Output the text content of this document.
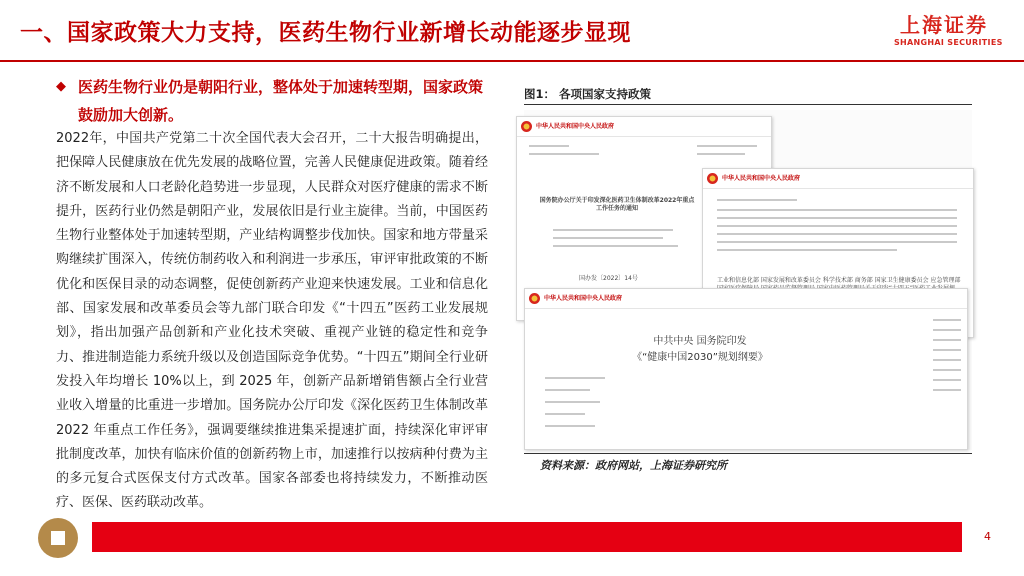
一、国家政策大力支持，医药生物行业新增长动能逐步显现	上海证券
SHANGHAI SECURITIES
◆ 医药生物行业仍是朝阳行业，整体处于加速转型期，国家政策鼓励加大创新。
2022年，中国共产党第二十次全国代表大会召开，二十大报告明确提出，把保障人民健康放在优先发展的战略位置，完善人民健康促进政策。随着经济不断发展和人口老龄化趋势进一步显现，人民群众对医疗健康的需求不断提升，医药行业仍然是朝阳产业，发展依旧是行业主旋律。当前，中国医药生物行业整体处于加速转型期，产业结构调整步伐加快。国家和地方带量采购继续扩围深入，传统仿制药收入和利润进一步承压，审评审批政策的不断优化和医保目录的动态调整，促使创新药产业迎来快速发展。工业和信息化部、国家发展和改革委员会等九部门联合印发《“十四五”医药工业发展规划》，指出加强产品创新和产业化技术突破、重视产业链的稳定性和竞争力、推进制造能力系统升级以及创造国际竞争优势。“十四五”期间全行业研发投入年均增长 10%以上，到 2025 年，创新产品新增销售额占全行业营业收入增量的比重进一步增加。国务院办公厅印发《深化医药卫生体制改革 2022 年重点工作任务》，强调要继续推进集采提速扩面，持续深化审评审批制度改革，加快有临床价值的创新药物上市，加速推行以按病种付费为主的多元复合式医保支付方式改革。国家各部委也将持续发力，不断推动医疗、医保、医药联动改革。
图1： 各项国家支持政策
中华人民共和国中央人民政府
国务院办公厅关于印发深化医药卫生体制改革2022年重点工作任务的通知
国办发〔2022〕14号
中华人民共和国中央人民政府
工业和信息化部 国家发展和改革委员会 科学技术部 商务部 国家卫生健康委员会 应急管理部
中华人民共和国中央人民政府
中共中央 国务院印发
《“健康中国2030”规划纲要》
资料来源：政府网站，上海证券研究所
4
